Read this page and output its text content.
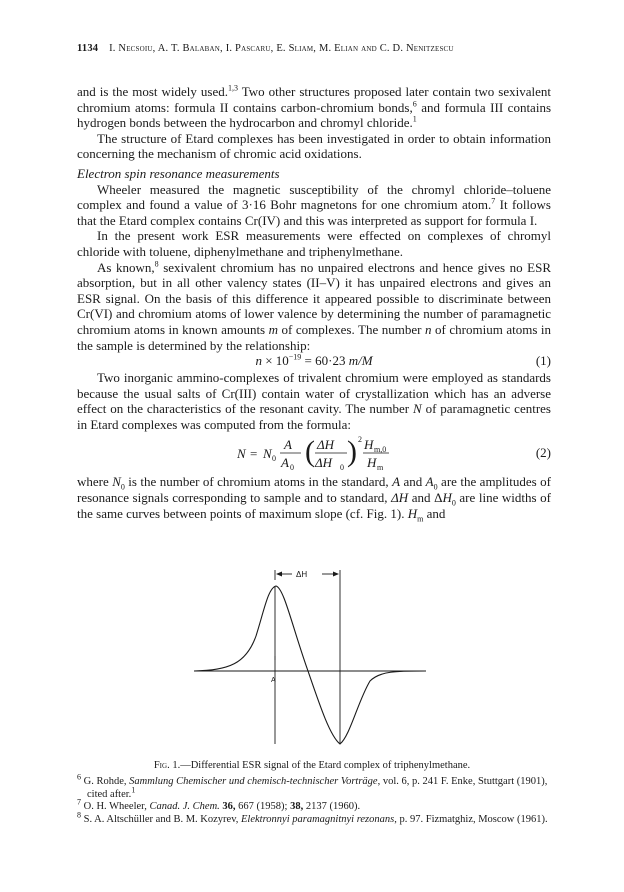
1134 I. Necsoiu, A. T. Balaban, I. Pascaru, E. Sliam, M. Elian and C. D. Nenitzescu

and is the most widely used.$^{1,3}$ Two other structures proposed later contain two sexivalent chromium atoms: formula II contains carbon-chromium bonds,$^6$ and formula III contains hydrogen bonds between the hydrocarbon and chromyl chloride.$^1$

The structure of Etard complexes has been investigated in order to obtain information concerning the mechanism of chromic acid oxidations.

Electron spin resonance measurements

Wheeler measured the magnetic susceptibility of the chromyl chloride–toluene complex and found a value of 3·16 Bohr magnetons for one chromium atom.$^7$ It follows that the Etard complex contains Cr(IV) and this was interpreted as support for formula I.

In the present work ESR measurements were effected on complexes of chromyl chloride with toluene, diphenylmethane and triphenylmethane.

As known,$^8$ sexivalent chromium has no unpaired electrons and hence gives no ESR absorption, but in all other valency states (II–V) it has unpaired electrons and gives an ESR signal. On the basis of this difference it appeared possible to discriminate between Cr(VI) and chromium atoms of lower valence by determining the number of paramagnetic chromium atoms in known amounts m of complexes. The number n of chromium atoms in the sample is determined by the relationship:

$n \times 10^{-19} = 60\cdot 23$ m/M	(1)

Two inorganic ammino-complexes of trivalent chromium were employed as standards because the usual salts of Cr(III) contain water of crystallization which has an adverse effect on the characteristics of the resonant cavity. The number N of paramagnetic centres in Etard complexes was computed from the formula:

N = N 0
A
A 0 ( ΔH
ΔH 0 ) 2 H m,0
H m
(2)

where $N_0$ is the number of chromium atoms in the standard, A and $A_0$ are the amplitudes of resonance signals corresponding to sample and to standard, ΔH and $\Delta H_0$ are line widths of the same curves between points of maximum slope (cf. Fig. 1). $H_m$ and

ΔH
A
Fig. 1.—Differential ESR signal of the Etard complex of triphenylmethane.
$^6$ G. Rohde, Sammlung Chemischer und chemisch-technischer Vorträge, vol. 6, p. 241 F. Enke, Stuttgart (1901), cited after.$^1$
$^7$ O. H. Wheeler, Canad. J. Chem. 36, 667 (1958); 38, 2137 (1960).
$^8$ S. A. Altschüller and B. M. Kozyrev, Elektronnyi paramagnitnyi rezonans, p. 97. Fizmatghiz, Moscow (1961).
